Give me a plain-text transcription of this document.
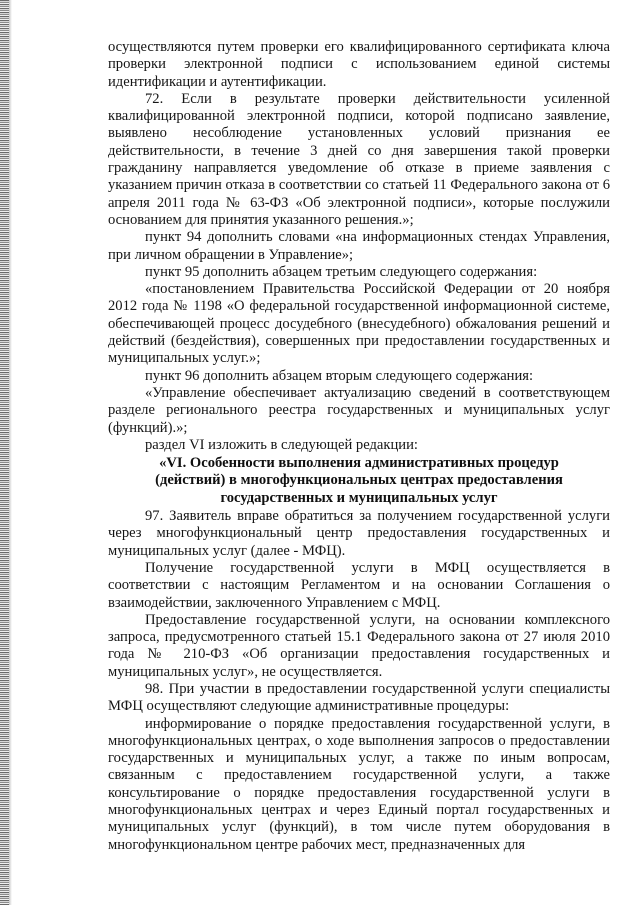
осуществляются путем проверки его квалифицированного сертификата ключа проверки электронной подписи с использованием единой системы идентификации и аутентификации.

72. Если в результате проверки действительности усиленной квалифицированной электронной подписи, которой подписано заявление, выявлено несоблюдение установленных условий признания ее действительности, в течение 3 дней со дня завершения такой проверки гражданину направляется уведомление об отказе в приеме заявления с указанием причин отказа в соответствии со статьей 11 Федерального закона от 6 апреля 2011 года № 63-ФЗ «Об электронной подписи», которые послужили основанием для принятия указанного решения.»;

пункт 94 дополнить словами «на информационных стендах Управления, при личном обращении в Управление»;

пункт 95 дополнить абзацем третьим следующего содержания:

«постановлением Правительства Российской Федерации от 20 ноября 2012 года № 1198 «О федеральной государственной информационной системе, обеспечивающей процесс досудебного (внесудебного) обжалования решений и действий (бездействия), совершенных при предоставлении государственных и муниципальных услуг.»;

пункт 96 дополнить абзацем вторым следующего содержания:

«Управление обеспечивает актуализацию сведений в соответствующем разделе регионального реестра государственных и муниципальных услуг (функций).»;

раздел VI изложить в следующей редакции:

«VI. Особенности выполнения административных процедур
(действий) в многофункциональных центрах предоставления
государственных и муниципальных услуг

97. Заявитель вправе обратиться за получением государственной услуги через многофункциональный центр предоставления государственных и муниципальных услуг (далее - МФЦ).

Получение государственной услуги в МФЦ осуществляется в соответствии с настоящим Регламентом и на основании Соглашения о взаимодействии, заключенного Управлением с МФЦ.

Предоставление государственной услуги, на основании комплексного запроса, предусмотренного статьей 15.1 Федерального закона от 27 июля 2010 года № 210-ФЗ «Об организации предоставления государственных и муниципальных услуг», не осуществляется.

98. При участии в предоставлении государственной услуги специалисты МФЦ осуществляют следующие административные процедуры:

информирование о порядке предоставления государственной услуги, в многофункциональных центрах, о ходе выполнения запросов о предоставлении государственных и муниципальных услуг, а также по иным вопросам, связанным с предоставлением государственной услуги, а также консультирование о порядке предоставления государственной услуги в многофункциональных центрах и через Единый портал государственных и муниципальных услуг (функций), в том числе путем оборудования в многофункциональном центре рабочих мест, предназначенных для
